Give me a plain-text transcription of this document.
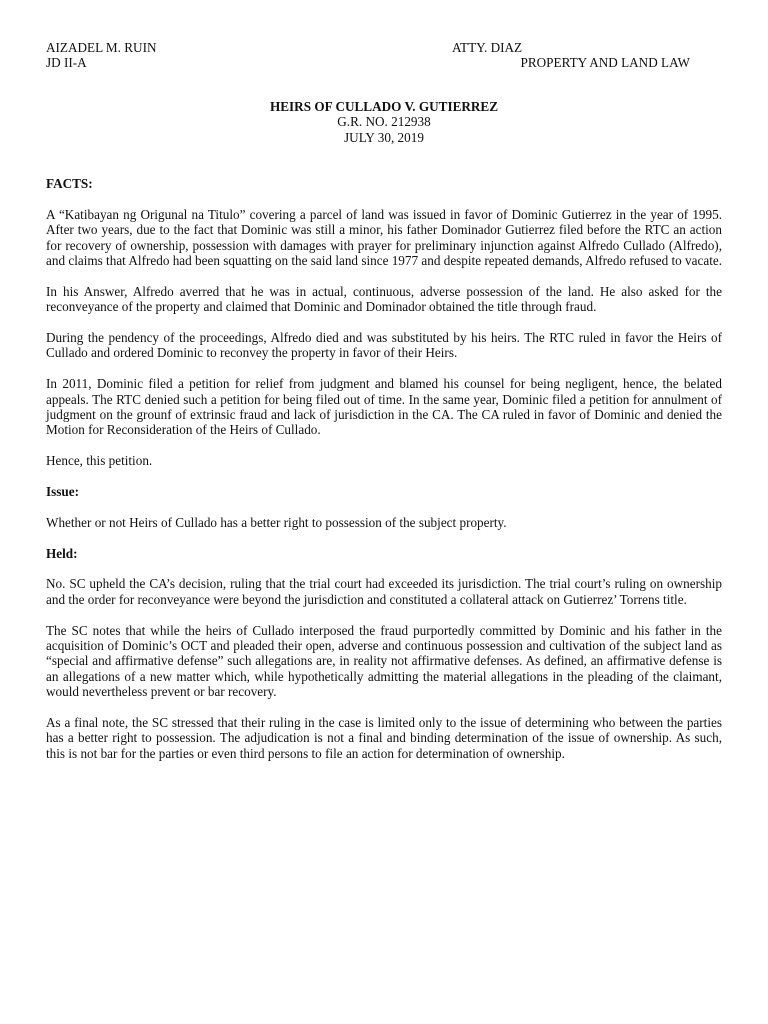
AIZADEL M. RUIN	ATTY. DIAZ
JD II-A	PROPERTY AND LAND LAW
HEIRS OF CULLADO V. GUTIERREZ
G.R. NO. 212938
JULY 30, 2019

FACTS:

A “Katibayan ng Origunal na Titulo” covering a parcel of land was issued in favor of Dominic Gutierrez in the year of 1995. After two years, due to the fact that Dominic was still a minor, his father Dominador Gutierrez filed before the RTC an action for recovery of ownership, possession with damages with prayer for preliminary injunction against Alfredo Cullado (Alfredo), and claims that Alfredo had been squatting on the said land since 1977 and despite repeated demands, Alfredo refused to vacate.

In his Answer, Alfredo averred that he was in actual, continuous, adverse possession of the land. He also asked for the reconveyance of the property and claimed that Dominic and Dominador obtained the title through fraud.

During the pendency of the proceedings, Alfredo died and was substituted by his heirs. The RTC ruled in favor the Heirs of Cullado and ordered Dominic to reconvey the property in favor of their Heirs.

In 2011, Dominic filed a petition for relief from judgment and blamed his counsel for being negligent, hence, the belated appeals. The RTC denied such a petition for being filed out of time. In the same year, Dominic filed a petition for annulment of judgment on the grounf of extrinsic fraud and lack of jurisdiction in the CA. The CA ruled in favor of Dominic and denied the Motion for Reconsideration of the Heirs of Cullado.

Hence, this petition.

Issue:

Whether or not Heirs of Cullado has a better right to possession of the subject property.

Held:

No. SC upheld the CA’s decision, ruling that the trial court had exceeded its jurisdiction. The trial court’s ruling on ownership and the order for reconveyance were beyond the jurisdiction and constituted a collateral attack on Gutierrez’ Torrens title.

The SC notes that while the heirs of Cullado interposed the fraud purportedly committed by Dominic and his father in the acquisition of Dominic’s OCT and pleaded their open, adverse and continuous possession and cultivation of the subject land as “special and affirmative defense” such allegations are, in reality not affirmative defenses. As defined, an affirmative defense is an allegations of a new matter which, while hypothetically admitting the material allegations in the pleading of the claimant, would nevertheless prevent or bar recovery.

As a final note, the SC stressed that their ruling in the case is limited only to the issue of determining who between the parties has a better right to possession. The adjudication is not a final and binding determination of the issue of ownership. As such, this is not bar for the parties or even third persons to file an action for determination of ownership.
